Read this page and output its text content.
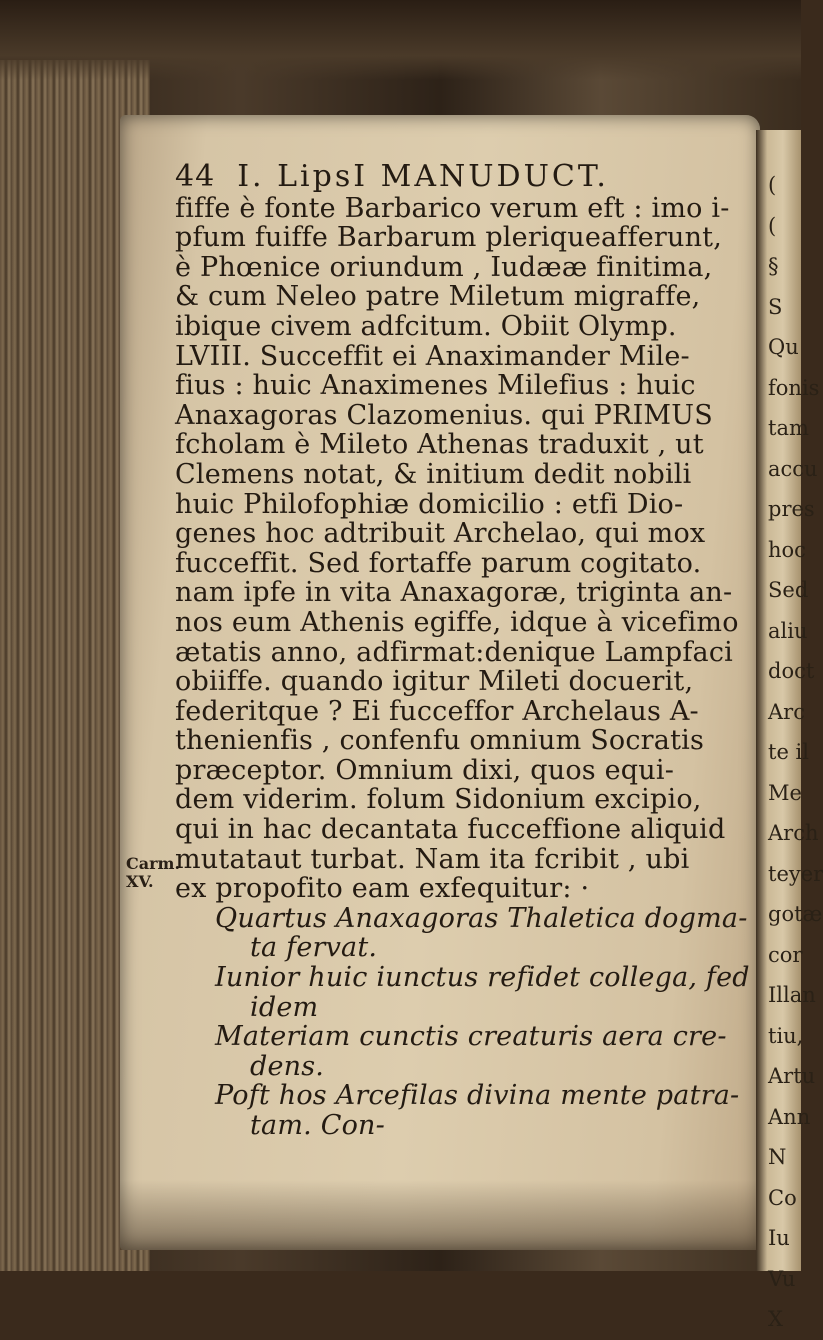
(
(
§
S
Qu
fonis
tam
accu
pres
hoc
Sed
aliu
doct
Arc
te il
Me
Arch
teyer
gotæ
cor
Illan
tiu,
Artu
Ann
N
Co
Iu
Vu
X
Carm.
XV.
44 I. LipsI MANUDUCT.
fiffe è fonte Barbarico verum eft : imo i-
pfum fuiffe Barbarum pleriqueafferunt,
è Phœnice oriundum , Iudææ finitima,
& cum Neleo patre Miletum migraffe,
ibique civem adfcitum. Obiit Olymp.
LVIII. Succeffit ei Anaximander Mile-
fius : huic Anaximenes Milefius : huic
Anaxagoras Clazomenius. qui PRIMUS
fcholam è Mileto Athenas traduxit , ut
Clemens notat, & initium dedit nobili
huic Philofophiæ domicilio : etfi Dio-
genes hoc adtribuit Archelao, qui mox
fucceffit. Sed fortaffe parum cogitato.
nam ipfe in vita Anaxagoræ, triginta an-
nos eum Athenis egiffe, idque à vicefimo
ætatis anno, adfirmat:denique Lampfaci
obiiffe. quando igitur Mileti docuerit,
federitque ? Ei fucceffor Archelaus A-
thenienfis , confenfu omnium Socratis
præceptor. Omnium dixi, quos equi-
dem viderim. folum Sidonium excipio,
qui in hac decantata fucceffione aliquid
mutataut turbat. Nam ita fcribit , ubi
ex propofito eam exfequitur: ·
Quartus Anaxagoras Thaletica dogma-
ta fervat.
Iunior huic iunctus refidet collega, fed
idem
Materiam cunctis creaturis aera cre-
dens.
Poft hos Arcefilas divina mente patra-
tam. Con-
